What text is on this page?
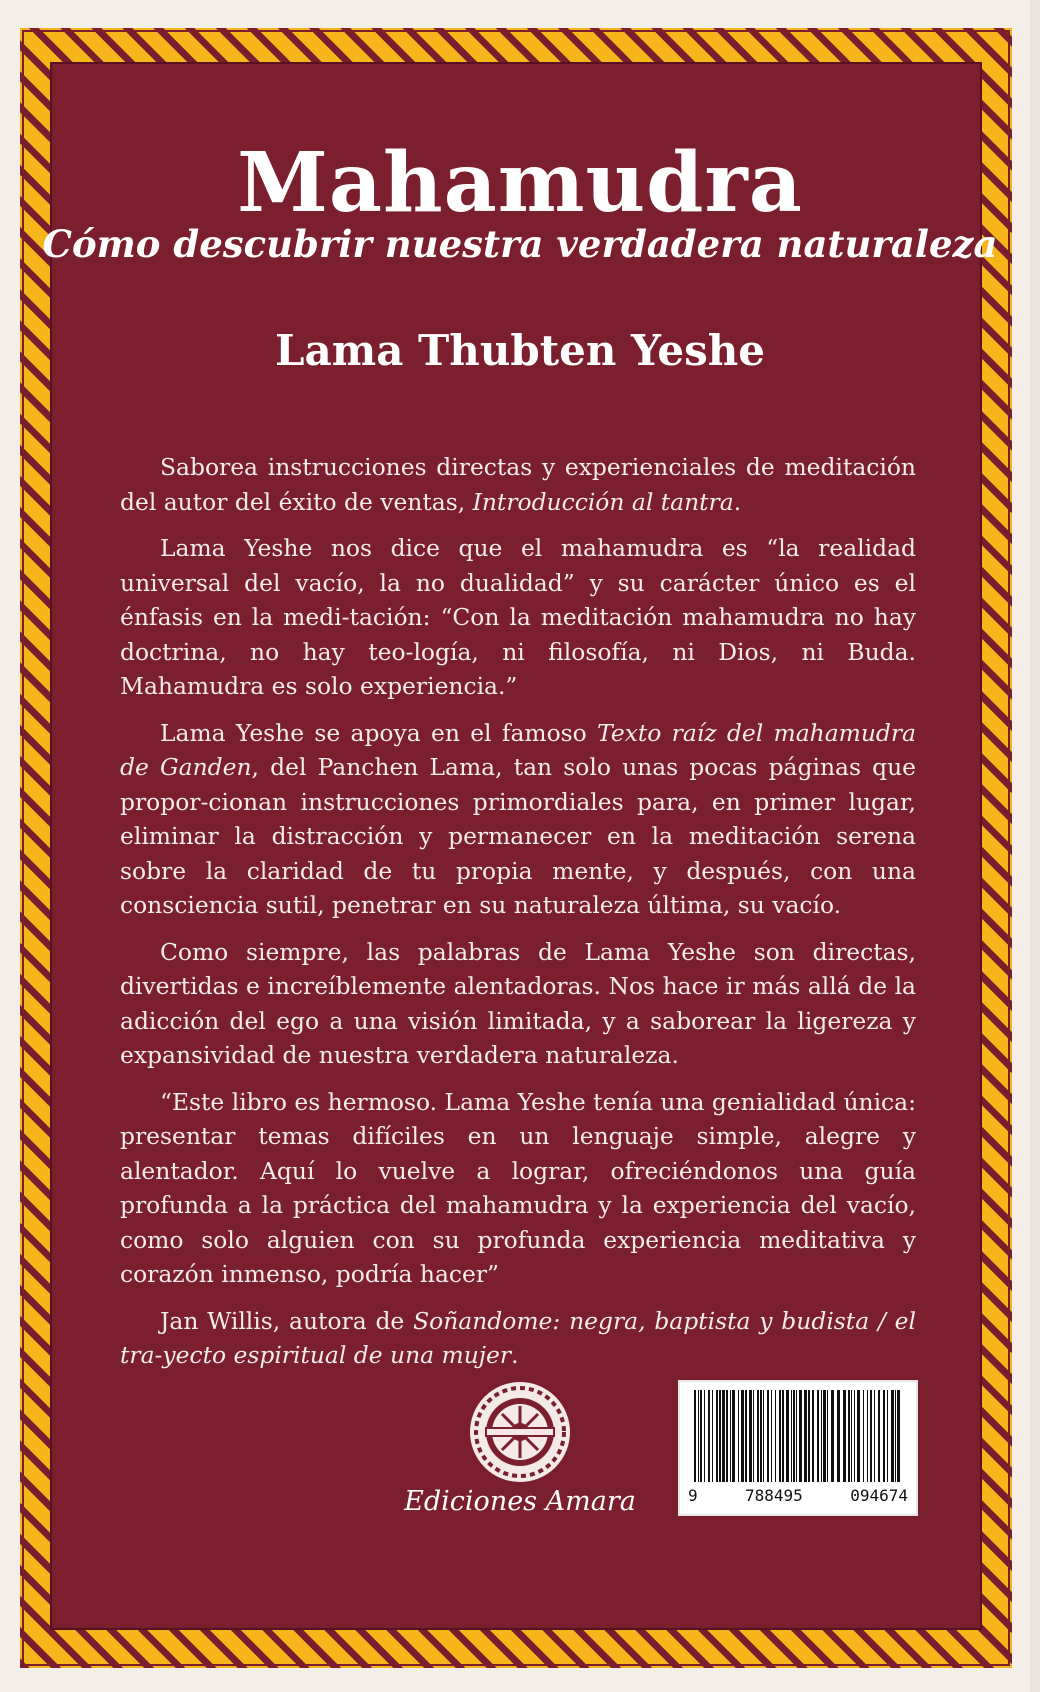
Mahamudra
Cómo descubrir nuestra verdadera naturaleza
Lama Thubten Yeshe

Saborea instrucciones directas y experienciales de meditación del autor del éxito de ventas, Introducción al tantra.

Lama Yeshe nos dice que el mahamudra es “la realidad universal del vacío, la no dualidad” y su carácter único es el énfasis en la medi-tación: “Con la meditación mahamudra no hay doctrina, no hay teo-logía, ni filosofía, ni Dios, ni Buda. Mahamudra es solo experiencia.”

Lama Yeshe se apoya en el famoso Texto raíz del mahamudra de Ganden, del Panchen Lama, tan solo unas pocas páginas que propor-cionan instrucciones primordiales para, en primer lugar, eliminar la distracción y permanecer en la meditación serena sobre la claridad de tu propia mente, y después, con una consciencia sutil, penetrar en su naturaleza última, su vacío.

Como siempre, las palabras de Lama Yeshe son directas, divertidas e increíblemente alentadoras. Nos hace ir más allá de la adicción del ego a una visión limitada, y a saborear la ligereza y expansividad de nuestra verdadera naturaleza.

“Este libro es hermoso. Lama Yeshe tenía una genialidad única: presentar temas difíciles en un lenguaje simple, alegre y alentador. Aquí lo vuelve a lograr, ofreciéndonos una guía profunda a la práctica del mahamudra y la experiencia del vacío, como solo alguien con su profunda experiencia meditativa y corazón inmenso, podría hacer”

Jan Willis, autora de Soñandome: negra, baptista y budista / el tra-yecto espiritual de una mujer.

Ediciones Amara	9	788495	094674
